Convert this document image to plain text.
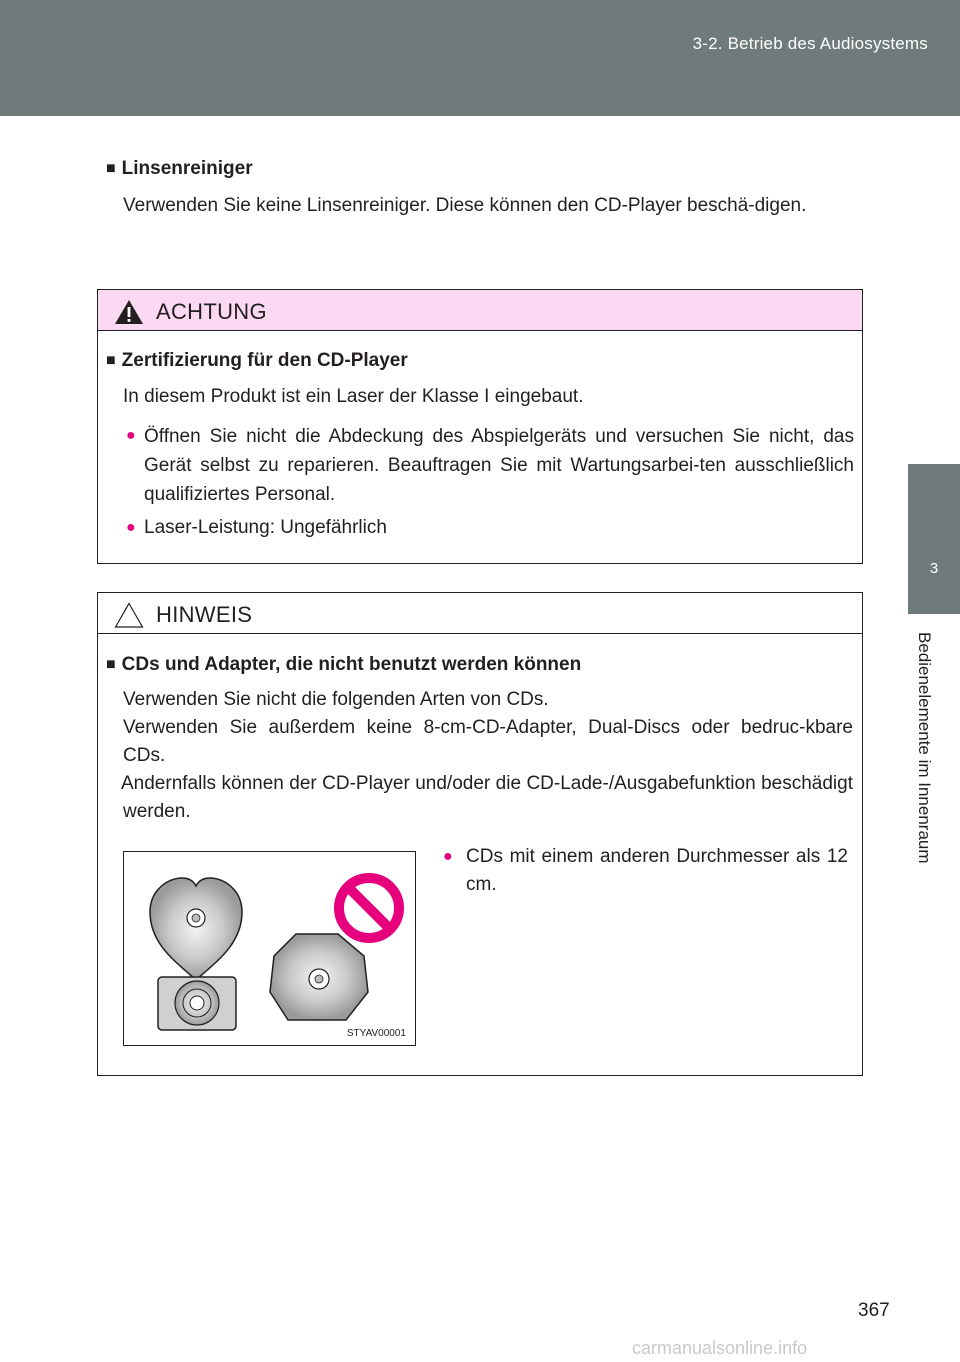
3-2. Betrieb des Audiosystems
3
Bedienelemente im Innenraum
■ Linsenreiniger
Verwenden Sie keine Linsenreiniger. Diese können den CD-Player beschä-digen.
ACHTUNG
■ Zertifizierung für den CD-Player
In diesem Produkt ist ein Laser der Klasse I eingebaut.
● Öffnen Sie nicht die Abdeckung des Abspielgeräts und versuchen Sie nicht, das Gerät selbst zu reparieren. Beauftragen Sie mit Wartungsarbei-ten ausschließlich qualifiziertes Personal.
● Laser-Leistung: Ungefährlich
HINWEIS
■ CDs und Adapter, die nicht benutzt werden können
Verwenden Sie nicht die folgenden Arten von CDs.
Verwenden Sie außerdem keine 8-cm-CD-Adapter, Dual-Discs oder bedruc-kbare CDs.
Andernfalls können der CD-Player und/oder die CD-Lade-/Ausgabefunktion beschädigt werden.
● CDs mit einem anderen Durchmesser als 12 cm.
STYAV00001
367
carmanualsonline.info
